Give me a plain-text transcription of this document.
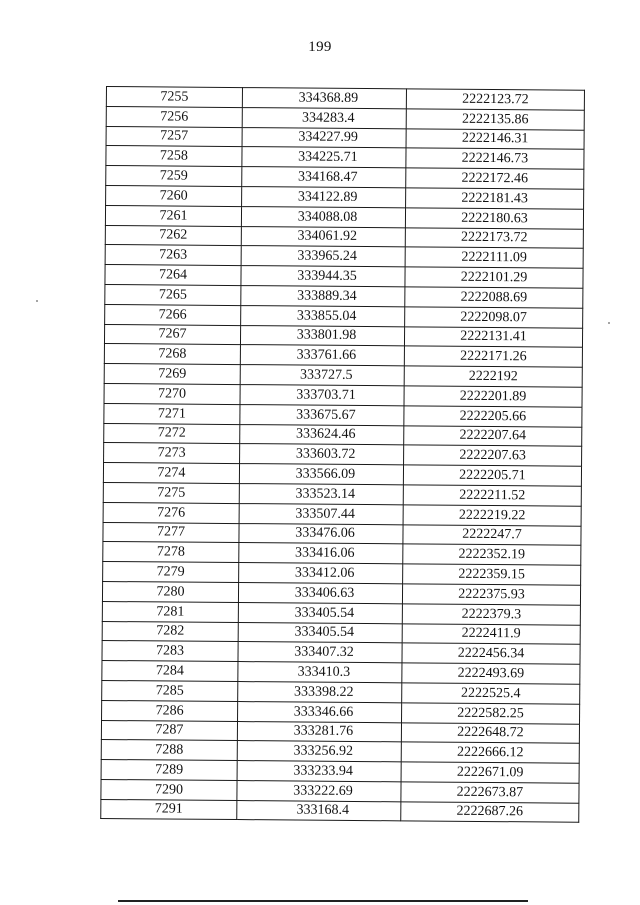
199
7255	334368.89	2222123.72
7256	334283.4	2222135.86
7257	334227.99	2222146.31
7258	334225.71	2222146.73
7259	334168.47	2222172.46
7260	334122.89	2222181.43
7261	334088.08	2222180.63
7262	334061.92	2222173.72
7263	333965.24	2222111.09
7264	333944.35	2222101.29
7265	333889.34	2222088.69
7266	333855.04	2222098.07
7267	333801.98	2222131.41
7268	333761.66	2222171.26
7269	333727.5	2222192
7270	333703.71	2222201.89
7271	333675.67	2222205.66
7272	333624.46	2222207.64
7273	333603.72	2222207.63
7274	333566.09	2222205.71
7275	333523.14	2222211.52
7276	333507.44	2222219.22
7277	333476.06	2222247.7
7278	333416.06	2222352.19
7279	333412.06	2222359.15
7280	333406.63	2222375.93
7281	333405.54	2222379.3
7282	333405.54	2222411.9
7283	333407.32	2222456.34
7284	333410.3	2222493.69
7285	333398.22	2222525.4
7286	333346.66	2222582.25
7287	333281.76	2222648.72
7288	333256.92	2222666.12
7289	333233.94	2222671.09
7290	333222.69	2222673.87
7291	333168.4	2222687.26
